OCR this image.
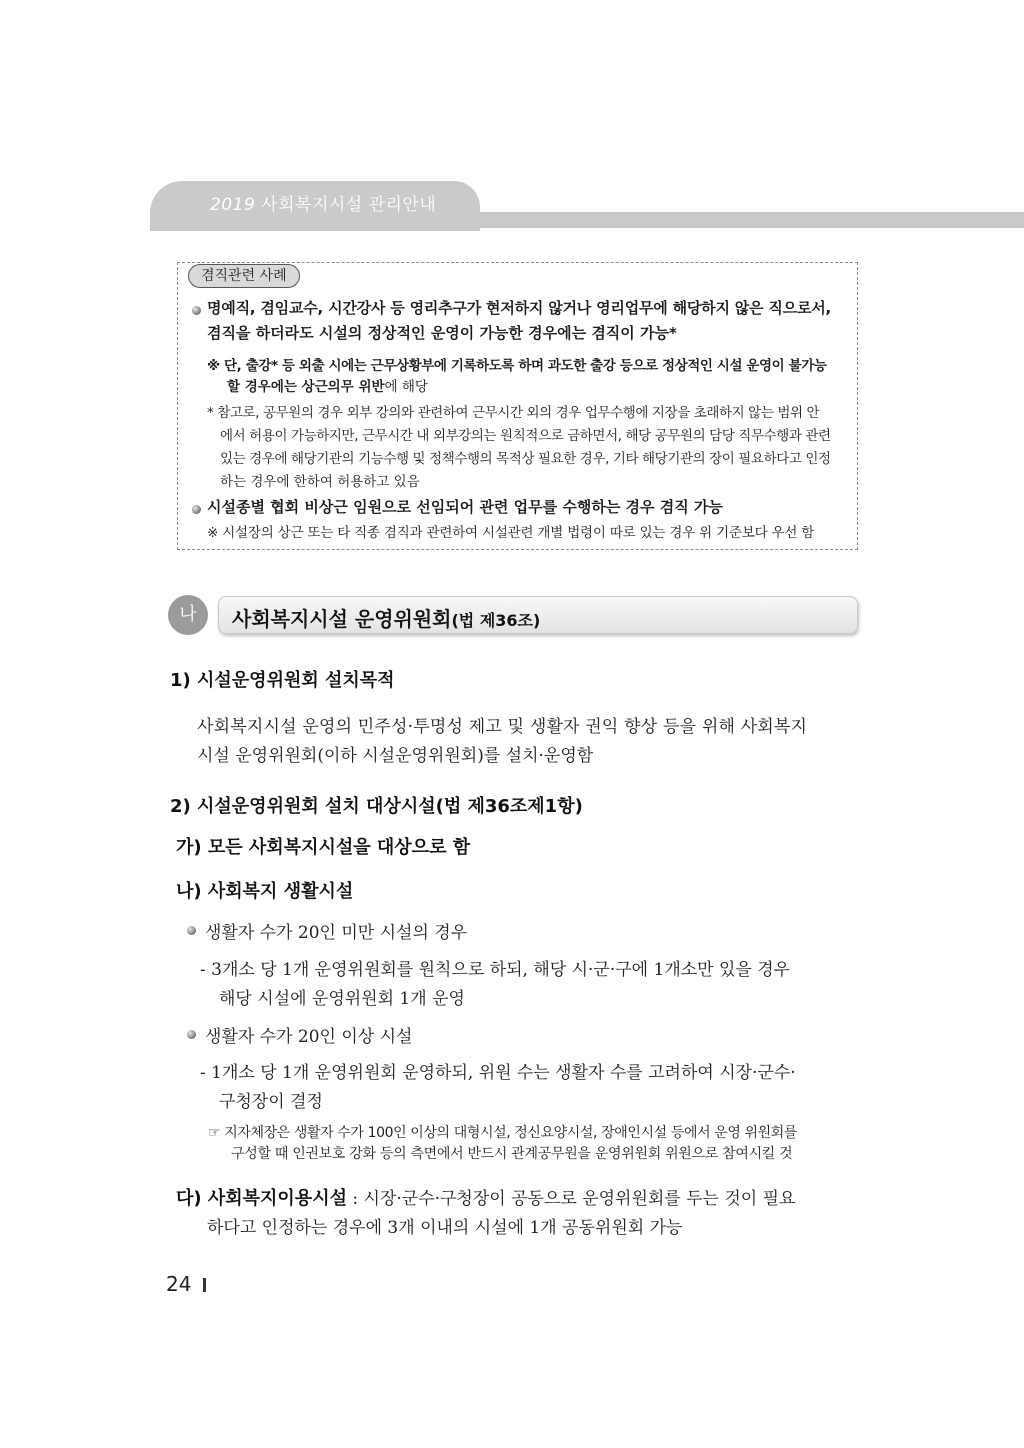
2019 사회복지시설 관리안내
겸직관련 사례
명예직, 겸임교수, 시간강사 등 영리추구가 현저하지 않거나 영리업무에 해당하지 않은 직으로서,
겸직을 하더라도 시설의 정상적인 운영이 가능한 경우에는 겸직이 가능*
※ 단, 출강* 등 외출 시에는 근무상황부에 기록하도록 하며 과도한 출강 등으로 정상적인 시설 운영이 불가능
할 경우에는 상근의무 위반에 해당
* 참고로, 공무원의 경우 외부 강의와 관련하여 근무시간 외의 경우 업무수행에 지장을 초래하지 않는 범위 안
에서 허용이 가능하지만, 근무시간 내 외부강의는 원칙적으로 금하면서, 해당 공무원의 담당 직무수행과 관련
있는 경우에 해당기관의 기능수행 및 정책수행의 목적상 필요한 경우, 기타 해당기관의 장이 필요하다고 인정
하는 경우에 한하여 허용하고 있음
시설종별 협회 비상근 임원으로 선임되어 관련 업무를 수행하는 경우 겸직 가능
※ 시설장의 상근 또는 타 직종 겸직과 관련하여 시설관련 개별 법령이 따로 있는 경우 위 기준보다 우선 함
나	사회복지시설 운영위원회(법 제36조)
1) 시설운영위원회 설치목적
사회복지시설 운영의 민주성·투명성 제고 및 생활자 권익 향상 등을 위해 사회복지
시설 운영위원회(이하 시설운영위원회)를 설치·운영함
2) 시설운영위원회 설치 대상시설(법 제36조제1항)
가) 모든 사회복지시설을 대상으로 함
나) 사회복지 생활시설
생활자 수가 20인 미만 시설의 경우
- 3개소 당 1개 운영위원회를 원칙으로 하되, 해당 시·군·구에 1개소만 있을 경우
해당 시설에 운영위원회 1개 운영
생활자 수가 20인 이상 시설
- 1개소 당 1개 운영위원회 운영하되, 위원 수는 생활자 수를 고려하여 시장·군수·
구청장이 결정
☞ 지자체장은 생활자 수가 100인 이상의 대형시설, 정신요양시설, 장애인시설 등에서 운영 위원회를
구성할 때 인권보호 강화 등의 측면에서 반드시 관계공무원을 운영위원회 위원으로 참여시킬 것
다) 사회복지이용시설 : 시장·군수·구청장이 공동으로 운영위원회를 두는 것이 필요
하다고 인정하는 경우에 3개 이내의 시설에 1개 공동위원회 가능
24
